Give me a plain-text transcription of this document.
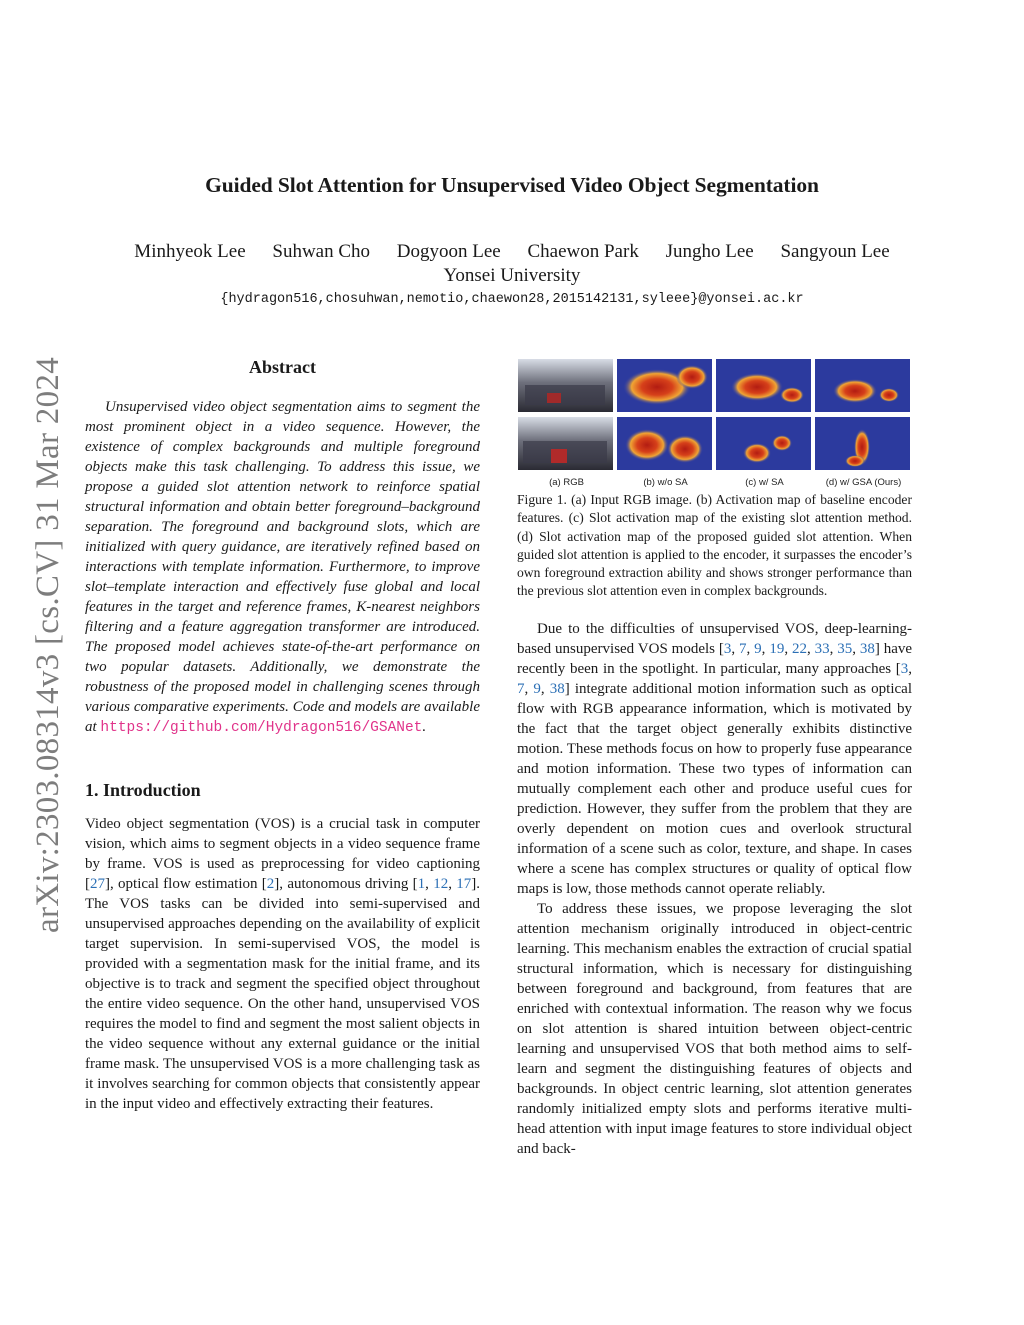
arXiv:2303.08314v3 [cs.CV] 31 Mar 2024
Guided Slot Attention for Unsupervised Video Object Segmentation
Minhyeok Lee Suhwan Cho Dogyoon Lee Chaewon Park Jungho Lee Sangyoun Lee
Yonsei University
{hydragon516,chosuhwan,nemotio,chaewon28,2015142131,syleee}@yonsei.ac.kr
Abstract

Unsupervised video object segmentation aims to segment the most prominent object in a video sequence. However, the existence of complex backgrounds and multiple foreground objects make this task challenging. To address this issue, we propose a guided slot attention network to reinforce spatial structural information and obtain better foreground–background separation. The foreground and background slots, which are initialized with query guidance, are iteratively refined based on interactions with template information. Furthermore, to improve slot–template interaction and effectively fuse global and local features in the target and reference frames, K-nearest neighbors filtering and a feature aggregation transformer are introduced. The proposed model achieves state-of-the-art performance on two popular datasets. Additionally, we demonstrate the robustness of the proposed model in challenging scenes through various comparative experiments. Code and models are available at https://github.com/Hydragon516/GSANet.

1. Introduction

Video object segmentation (VOS) is a crucial task in computer vision, which aims to segment objects in a video sequence frame by frame. VOS is used as preprocessing for video captioning [27], optical flow estimation [2], autonomous driving [1, 12, 17]. The VOS tasks can be divided into semi-supervised and unsupervised approaches depending on the availability of explicit target supervision. In semi-supervised VOS, the model is provided with a segmentation mask for the initial frame, and its objective is to track and segment the specified object throughout the entire video sequence. On the other hand, unsupervised VOS requires the model to find and segment the most salient objects in the video sequence without any external guidance or the initial frame mask. The unsupervised VOS is a more challenging task as it involves searching for common objects that consistently appear in the input video and effectively extracting their features.

(a) RGB	(b) w/o SA	(c) w/ SA	(d) w/ GSA (Ours)

Figure 1. (a) Input RGB image. (b) Activation map of baseline encoder features. (c) Slot activation map of the existing slot attention method. (d) Slot activation map of the proposed guided slot attention. When guided slot attention is applied to the encoder, it surpasses the encoder’s own foreground extraction ability and shows stronger performance than the previous slot attention even in complex backgrounds.

Due to the difficulties of unsupervised VOS, deep-learning-based unsupervised VOS models [3, 7, 9, 19, 22, 33, 35, 38] have recently been in the spotlight. In particular, many approaches [3, 7, 9, 38] integrate additional motion information such as optical flow with RGB appearance information, which is motivated by the fact that the target object generally exhibits distinctive motion. These methods focus on how to properly fuse appearance and motion information. These two types of information can mutually complement each other and produce useful cues for prediction. However, they suffer from the problem that they are overly dependent on motion cues and overlook structural information of a scene such as color, texture, and shape. In cases where a scene has complex structures or quality of optical flow maps is low, those methods cannot operate reliably.

To address these issues, we propose leveraging the slot attention mechanism originally introduced in object-centric learning. This mechanism enables the extraction of crucial spatial structural information, which is necessary for distinguishing between foreground and background, from features that are enriched with contextual information. The reason why we focus on slot attention is shared intuition between object-centric learning and unsupervised VOS that both method aims to self-learn and segment the distinguishing features of objects and backgrounds. In object centric learning, slot attention generates randomly initialized empty slots and performs iterative multi-head attention with input image features to store individual object and back-
